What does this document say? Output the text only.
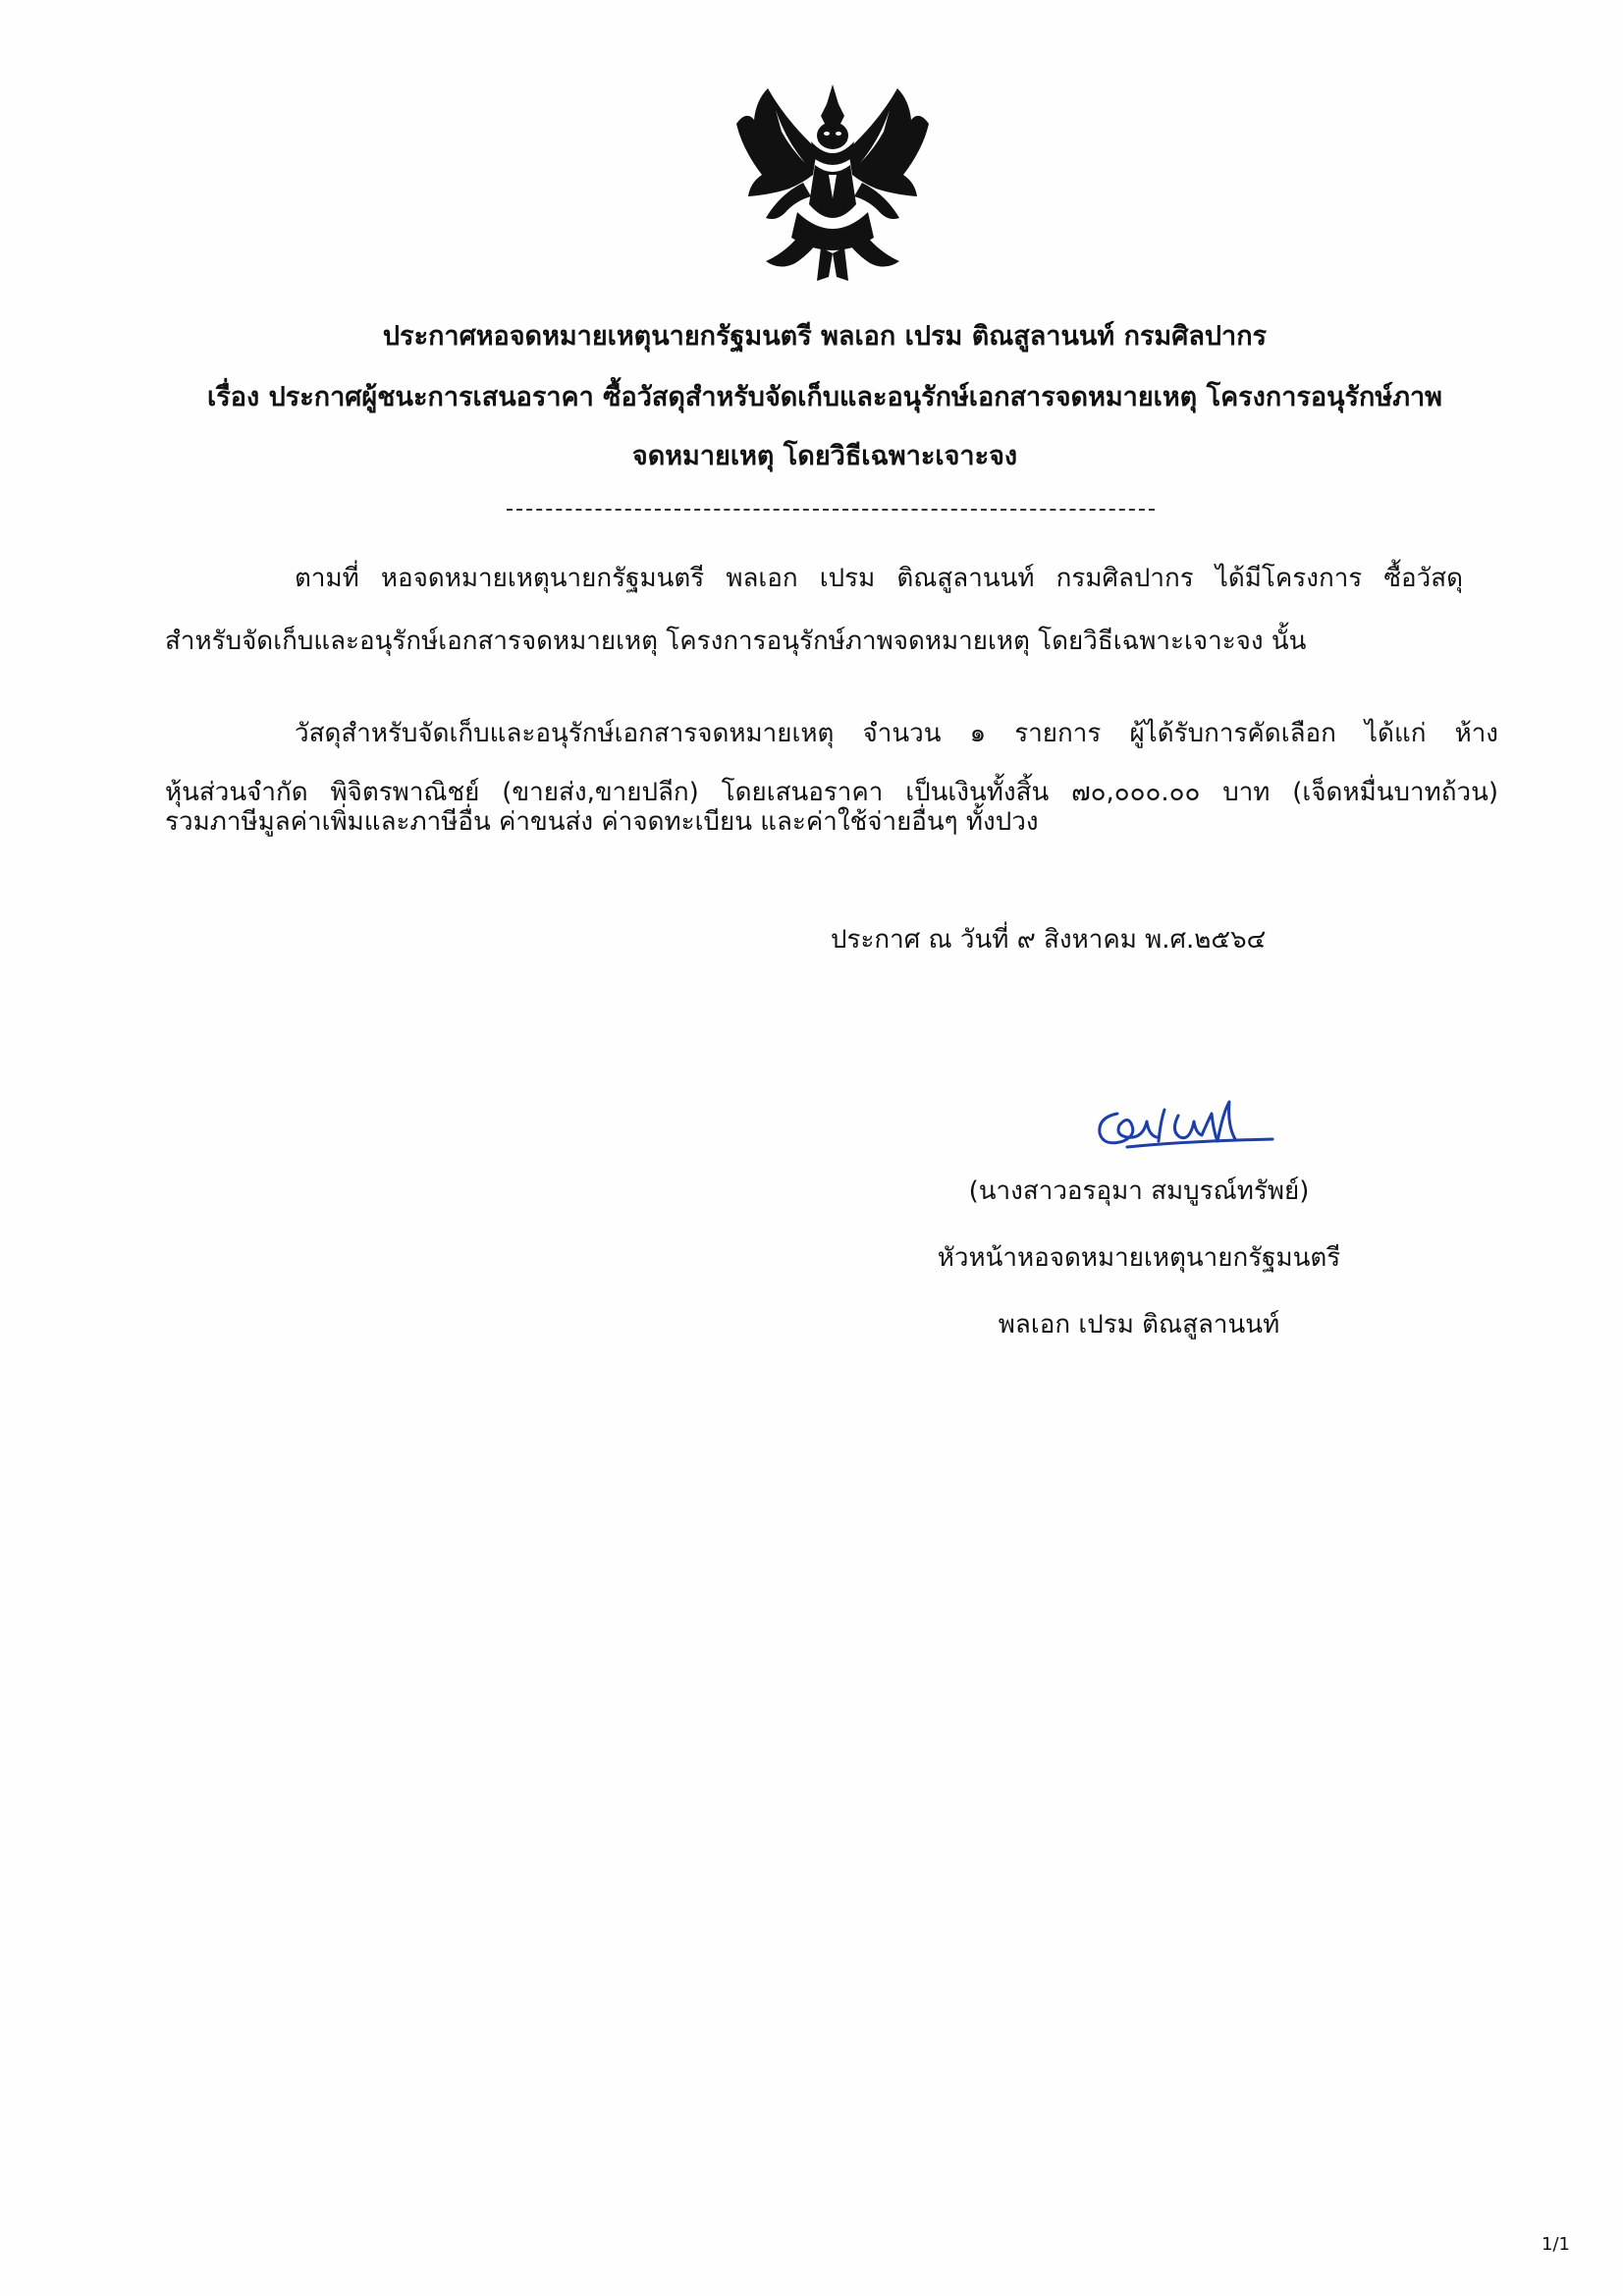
ประกาศหอจดหมายเหตุนายกรัฐมนตรี พลเอก เปรม ติณสูลานนท์ กรมศิลปากร
เรื่อง ประกาศผู้ชนะการเสนอราคา ซื้อวัสดุสำหรับจัดเก็บและอนุรักษ์เอกสารจดหมายเหตุ โครงการอนุรักษ์ภาพ
จดหมายเหตุ โดยวิธีเฉพาะเจาะจง
ตามที่ หอจดหมายเหตุนายกรัฐมนตรี พลเอก เปรม ติณสูลานนท์ กรมศิลปากร ได้มีโครงการ ซื้อวัสดุ
สำหรับจัดเก็บและอนุรักษ์เอกสารจดหมายเหตุ โครงการอนุรักษ์ภาพจดหมายเหตุ โดยวิธีเฉพาะเจาะจง นั้น
วัสดุสำหรับจัดเก็บและอนุรักษ์เอกสารจดหมายเหตุ จำนวน ๑ รายการ ผู้ได้รับการคัดเลือก ได้แก่ ห้าง
หุ้นส่วนจำกัด พิจิตรพาณิชย์ (ขายส่ง,ขายปลีก) โดยเสนอราคา เป็นเงินทั้งสิ้น ๗๐,๐๐๐.๐๐ บาท (เจ็ดหมื่นบาทถ้วน)
รวมภาษีมูลค่าเพิ่มและภาษีอื่น ค่าขนส่ง ค่าจดทะเบียน และค่าใช้จ่ายอื่นๆ ทั้งปวง
ประกาศ ณ วันที่ ๙ สิงหาคม พ.ศ.๒๕๖๔
(นางสาวอรอุมา สมบูรณ์ทรัพย์)
หัวหน้าหอจดหมายเหตุนายกรัฐมนตรี
พลเอก เปรม ติณสูลานนท์
1/1
